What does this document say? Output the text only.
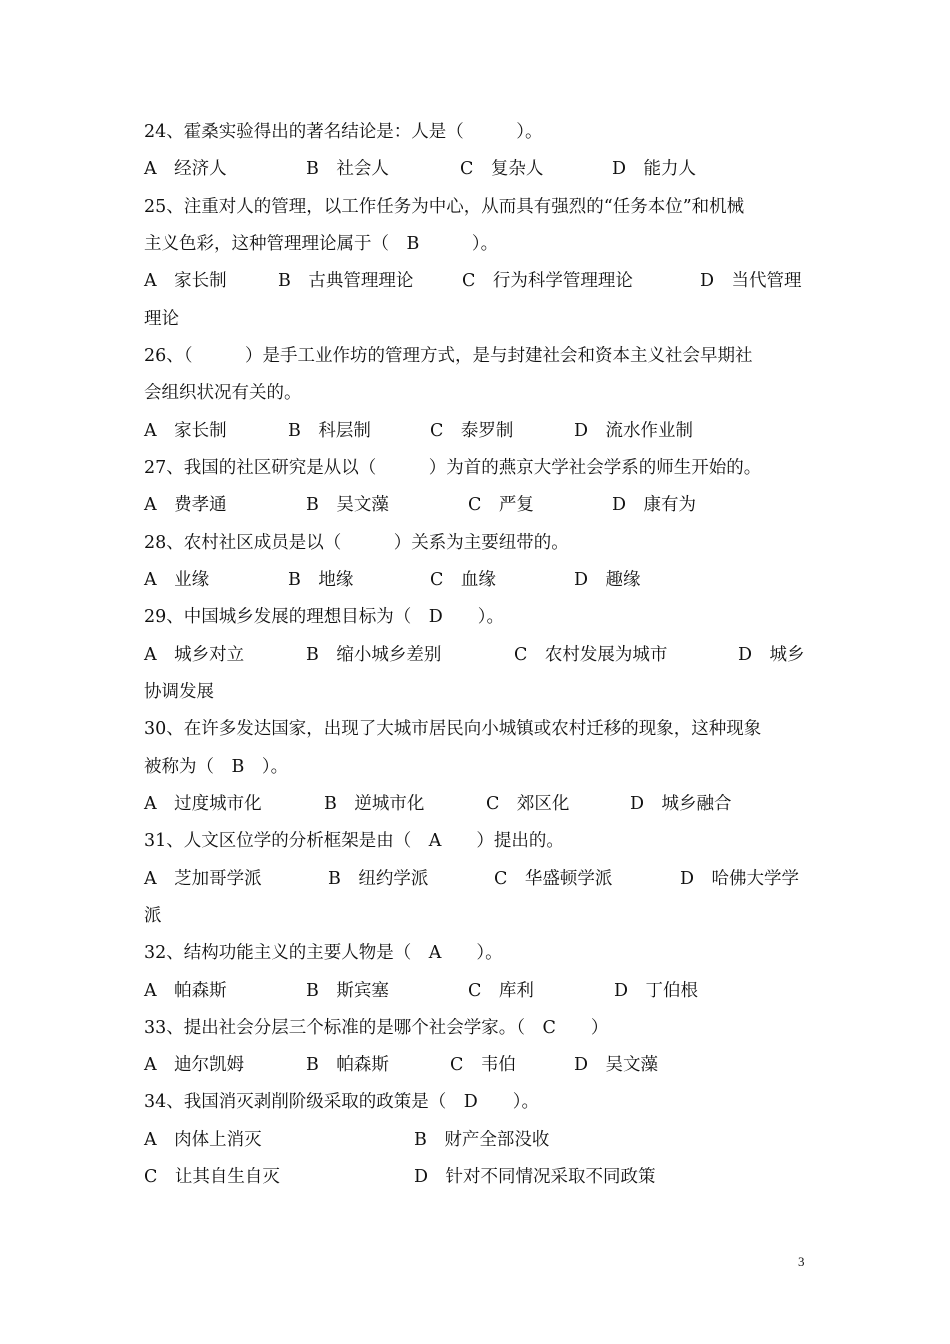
24、霍桑实验得出的著名结论是：人是（　　　）。
A　经济人	B　社会人	C　复杂人	D　能力人
25、注重对人的管理，以工作任务为中心，从而具有强烈的“任务本位”和机械
主义色彩，这种管理理论属于（　B　　　）。
A　家长制	B　古典管理理论	C　行为科学管理理论	D　当代管理
理论
26、（　　　）是手工业作坊的管理方式，是与封建社会和资本主义社会早期社
会组织状况有关的。
A　家长制	B　科层制	C　泰罗制	D　流水作业制
27、我国的社区研究是从以（　　　）为首的燕京大学社会学系的师生开始的。
A　费孝通	B　吴文藻	C　严复	D　康有为
28、农村社区成员是以（　　　）关系为主要纽带的。
A　业缘	B　地缘	C　血缘	D　趣缘
29、中国城乡发展的理想目标为（　D　　）。
A　城乡对立	B　缩小城乡差别	C　农村发展为城市	D　城乡
协调发展
30、在许多发达国家，出现了大城市居民向小城镇或农村迁移的现象，这种现象
被称为（　B　）。
A　过度城市化	B　逆城市化	C　郊区化	D　城乡融合
31、人文区位学的分析框架是由（　A　　）提出的。
A　芝加哥学派	B　纽约学派	C　华盛顿学派	D　哈佛大学学
派
32、结构功能主义的主要人物是（　A　　）。
A　帕森斯	B　斯宾塞	C　库利	D　丁伯根
33、提出社会分层三个标准的是哪个社会学家。（　C　　）
A　迪尔凯姆	B　帕森斯	C　韦伯	D　吴文藻
34、我国消灭剥削阶级采取的政策是（　D　　）。
A　肉体上消灭	B　财产全部没收
C　让其自生自灭	D　针对不同情况采取不同政策
3
